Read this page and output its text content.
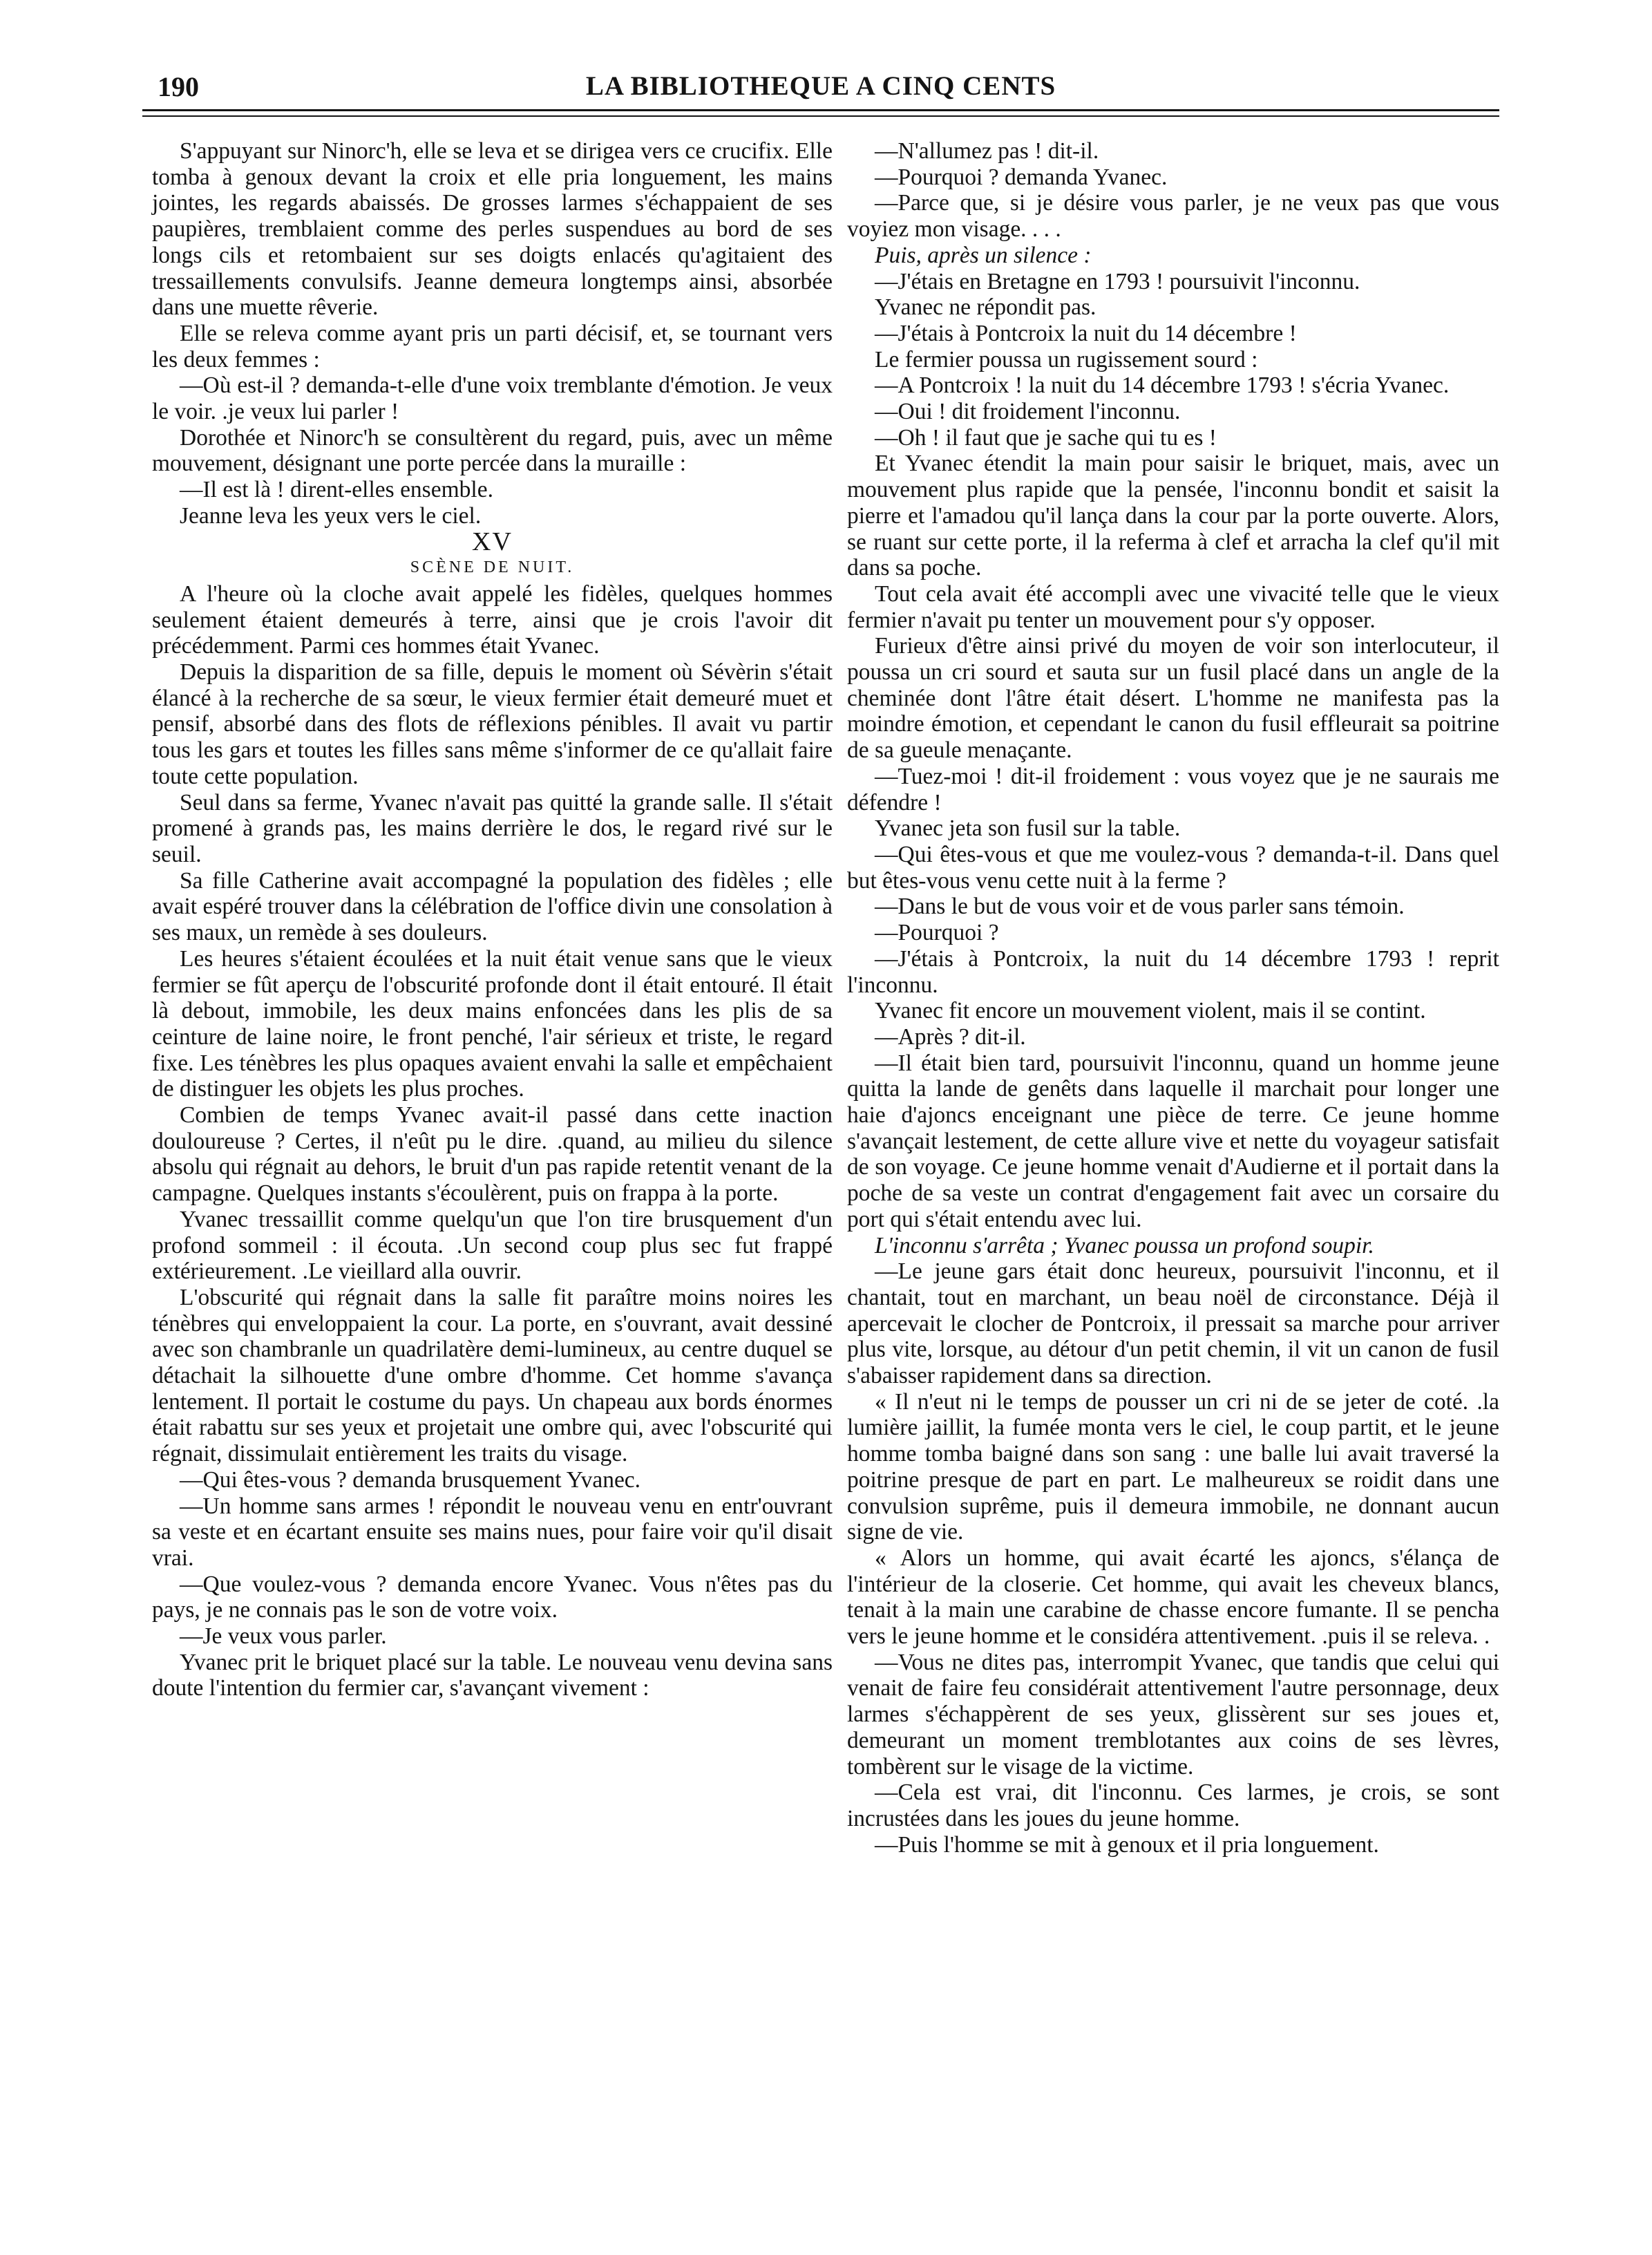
190	LA BIBLIOTHEQUE A CINQ CENTS

S'appuyant sur Ninorc'h, elle se leva et se dirigea vers ce crucifix. Elle tomba à genoux devant la croix et elle pria longuement, les mains jointes, les regards abaissés. De grosses larmes s'échappaient de ses paupières, tremblaient comme des perles suspendues au bord de ses longs cils et retombaient sur ses doigts enlacés qu'agitaient des tressaillements convulsifs. Jeanne demeura longtemps ainsi, absorbée dans une muette rêverie.

Elle se releva comme ayant pris un parti décisif, et, se tournant vers les deux femmes :

—Où est-il ? demanda-t-elle d'une voix tremblante d'émotion. Je veux le voir. .je veux lui parler !

Dorothée et Ninorc'h se consultèrent du regard, puis, avec un même mouvement, désignant une porte percée dans la muraille :

—Il est là ! dirent-elles ensemble.

Jeanne leva les yeux vers le ciel.

XV

SCÈNE DE NUIT.

A l'heure où la cloche avait appelé les fidèles, quelques hommes seulement étaient demeurés à terre, ainsi que je crois l'avoir dit précédemment. Parmi ces hommes était Yvanec.

Depuis la disparition de sa fille, depuis le moment où Sévèrin s'était élancé à la recherche de sa sœur, le vieux fermier était demeuré muet et pensif, absorbé dans des flots de réflexions pénibles. Il avait vu partir tous les gars et toutes les filles sans même s'informer de ce qu'allait faire toute cette population.

Seul dans sa ferme, Yvanec n'avait pas quitté la grande salle. Il s'était promené à grands pas, les mains derrière le dos, le regard rivé sur le seuil.

Sa fille Catherine avait accompagné la population des fidèles ; elle avait espéré trouver dans la célébration de l'office divin une consolation à ses maux, un remède à ses douleurs.

Les heures s'étaient écoulées et la nuit était venue sans que le vieux fermier se fût aperçu de l'obscurité profonde dont il était entouré. Il était là debout, immobile, les deux mains enfoncées dans les plis de sa ceinture de laine noire, le front penché, l'air sérieux et triste, le regard fixe. Les ténèbres les plus opaques avaient envahi la salle et empêchaient de distinguer les objets les plus proches.

Combien de temps Yvanec avait-il passé dans cette inaction douloureuse ? Certes, il n'eût pu le dire. .quand, au milieu du silence absolu qui régnait au dehors, le bruit d'un pas rapide retentit venant de la campagne. Quelques instants s'écoulèrent, puis on frappa à la porte.

Yvanec tressaillit comme quelqu'un que l'on tire brusquement d'un profond sommeil : il écouta. .Un second coup plus sec fut frappé extérieurement. .Le vieillard alla ouvrir.

L'obscurité qui régnait dans la salle fit paraître moins noires les ténèbres qui enveloppaient la cour. La porte, en s'ouvrant, avait dessiné avec son chambranle un quadrilatère demi-lumineux, au centre duquel se détachait la silhouette d'une ombre d'homme. Cet homme s'avança lentement. Il portait le costume du pays. Un chapeau aux bords énormes était rabattu sur ses yeux et projetait une ombre qui, avec l'obscurité qui régnait, dissimulait entièrement les traits du visage.

—Qui êtes-vous ? demanda brusquement Yvanec.

—Un homme sans armes ! répondit le nouveau venu en entr'ouvrant sa veste et en écartant ensuite ses mains nues, pour faire voir qu'il disait vrai.

—Que voulez-vous ? demanda encore Yvanec. Vous n'êtes pas du pays, je ne connais pas le son de votre voix.

—Je veux vous parler.

Yvanec prit le briquet placé sur la table. Le nouveau venu devina sans doute l'intention du fermier car, s'avançant vivement :

—N'allumez pas ! dit-il.

—Pourquoi ? demanda Yvanec.

—Parce que, si je désire vous parler, je ne veux pas que vous voyiez mon visage. . . .

Puis, après un silence :

—J'étais en Bretagne en 1793 ! poursuivit l'inconnu.

Yvanec ne répondit pas.

—J'étais à Pontcroix la nuit du 14 décembre !

Le fermier poussa un rugissement sourd :

—A Pontcroix ! la nuit du 14 décembre 1793 ! s'écria Yvanec.

—Oui ! dit froidement l'inconnu.

—Oh ! il faut que je sache qui tu es !

Et Yvanec étendit la main pour saisir le briquet, mais, avec un mouvement plus rapide que la pensée, l'inconnu bondit et saisit la pierre et l'amadou qu'il lança dans la cour par la porte ouverte. Alors, se ruant sur cette porte, il la referma à clef et arracha la clef qu'il mit dans sa poche.

Tout cela avait été accompli avec une vivacité telle que le vieux fermier n'avait pu tenter un mouvement pour s'y opposer.

Furieux d'être ainsi privé du moyen de voir son interlocuteur, il poussa un cri sourd et sauta sur un fusil placé dans un angle de la cheminée dont l'âtre était désert. L'homme ne manifesta pas la moindre émotion, et cependant le canon du fusil effleurait sa poitrine de sa gueule menaçante.

—Tuez-moi ! dit-il froidement : vous voyez que je ne saurais me défendre !

Yvanec jeta son fusil sur la table.

—Qui êtes-vous et que me voulez-vous ? demanda-t-il. Dans quel but êtes-vous venu cette nuit à la ferme ?

—Dans le but de vous voir et de vous parler sans témoin.

—Pourquoi ?

—J'étais à Pontcroix, la nuit du 14 décembre 1793 ! reprit l'inconnu.

Yvanec fit encore un mouvement violent, mais il se contint.

—Après ? dit-il.

—Il était bien tard, poursuivit l'inconnu, quand un homme jeune quitta la lande de genêts dans laquelle il marchait pour longer une haie d'ajoncs enceignant une pièce de terre. Ce jeune homme s'avançait lestement, de cette allure vive et nette du voyageur satisfait de son voyage. Ce jeune homme venait d'Audierne et il portait dans la poche de sa veste un contrat d'engagement fait avec un corsaire du port qui s'était entendu avec lui.

L'inconnu s'arrêta ; Yvanec poussa un profond soupir.

—Le jeune gars était donc heureux, poursuivit l'inconnu, et il chantait, tout en marchant, un beau noël de circonstance. Déjà il apercevait le clocher de Pontcroix, il pressait sa marche pour arriver plus vite, lorsque, au détour d'un petit chemin, il vit un canon de fusil s'abaisser rapidement dans sa direction.

« Il n'eut ni le temps de pousser un cri ni de se jeter de coté. .la lumière jaillit, la fumée monta vers le ciel, le coup partit, et le jeune homme tomba baigné dans son sang : une balle lui avait traversé la poitrine presque de part en part. Le malheureux se roidit dans une convulsion suprême, puis il demeura immobile, ne donnant aucun signe de vie.

« Alors un homme, qui avait écarté les ajoncs, s'élança de l'intérieur de la closerie. Cet homme, qui avait les cheveux blancs, tenait à la main une carabine de chasse encore fumante. Il se pencha vers le jeune homme et le considéra attentivement. .puis il se releva. .

—Vous ne dites pas, interrompit Yvanec, que tandis que celui qui venait de faire feu considérait attentivement l'autre personnage, deux larmes s'échappèrent de ses yeux, glissèrent sur ses joues et, demeurant un moment tremblotantes aux coins de ses lèvres, tombèrent sur le visage de la victime.

—Cela est vrai, dit l'inconnu. Ces larmes, je crois, se sont incrustées dans les joues du jeune homme.

—Puis l'homme se mit à genoux et il pria longuement.
